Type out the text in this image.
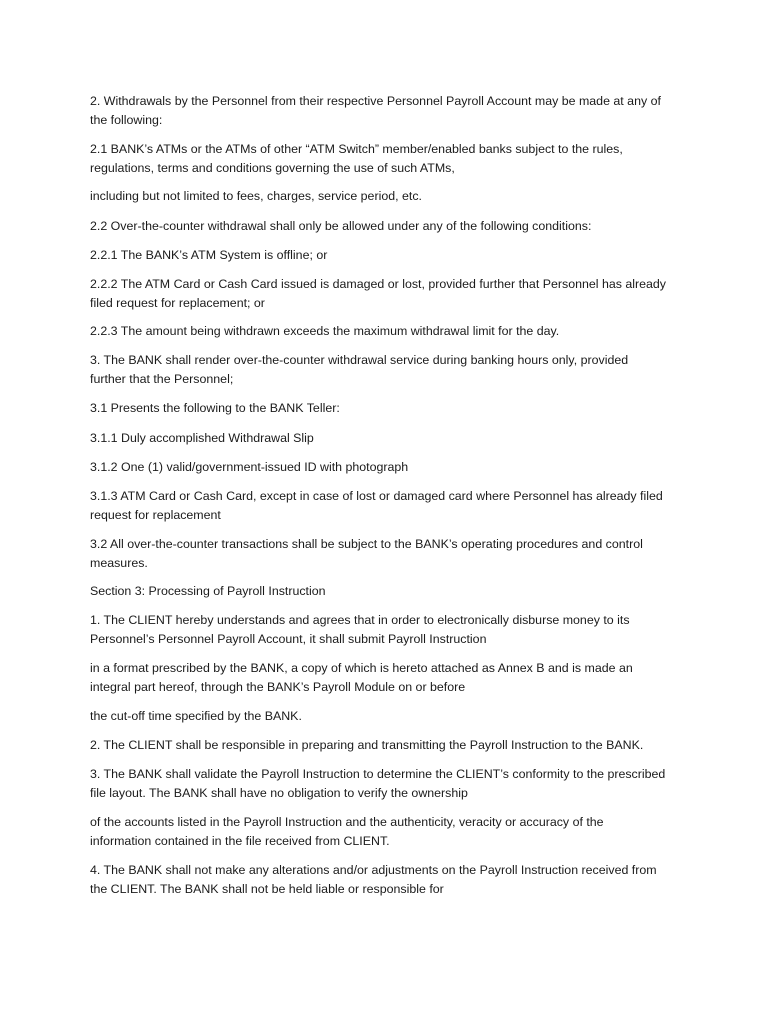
2. Withdrawals by the Personnel from their respective Personnel Payroll Account may be made at any of
the following:

2.1 BANK’s ATMs or the ATMs of other “ATM Switch” member/enabled banks subject to the rules,
regulations, terms and conditions governing the use of such ATMs,

including but not limited to fees, charges, service period, etc.

2.2 Over-the-counter withdrawal shall only be allowed under any of the following conditions:

2.2.1 The BANK’s ATM System is offline; or

2.2.2 The ATM Card or Cash Card issued is damaged or lost, provided further that Personnel has already
filed request for replacement; or

2.2.3 The amount being withdrawn exceeds the maximum withdrawal limit for the day.

3. The BANK shall render over-the-counter withdrawal service during banking hours only, provided
further that the Personnel;

3.1 Presents the following to the BANK Teller:

3.1.1 Duly accomplished Withdrawal Slip

3.1.2 One (1) valid/government-issued ID with photograph

3.1.3 ATM Card or Cash Card, except in case of lost or damaged card where Personnel has already filed
request for replacement

3.2 All over-the-counter transactions shall be subject to the BANK’s operating procedures and control
measures.

Section 3: Processing of Payroll Instruction

1. The CLIENT hereby understands and agrees that in order to electronically disburse money to its
Personnel’s Personnel Payroll Account, it shall submit Payroll Instruction

in a format prescribed by the BANK, a copy of which is hereto attached as Annex B and is made an
integral part hereof, through the BANK’s Payroll Module on or before

the cut-off time specified by the BANK.

2. The CLIENT shall be responsible in preparing and transmitting the Payroll Instruction to the BANK.

3. The BANK shall validate the Payroll Instruction to determine the CLIENT’s conformity to the prescribed
file layout. The BANK shall have no obligation to verify the ownership

of the accounts listed in the Payroll Instruction and the authenticity, veracity or accuracy of the
information contained in the file received from CLIENT.

4. The BANK shall not make any alterations and/or adjustments on the Payroll Instruction received from
the CLIENT. The BANK shall not be held liable or responsible for
